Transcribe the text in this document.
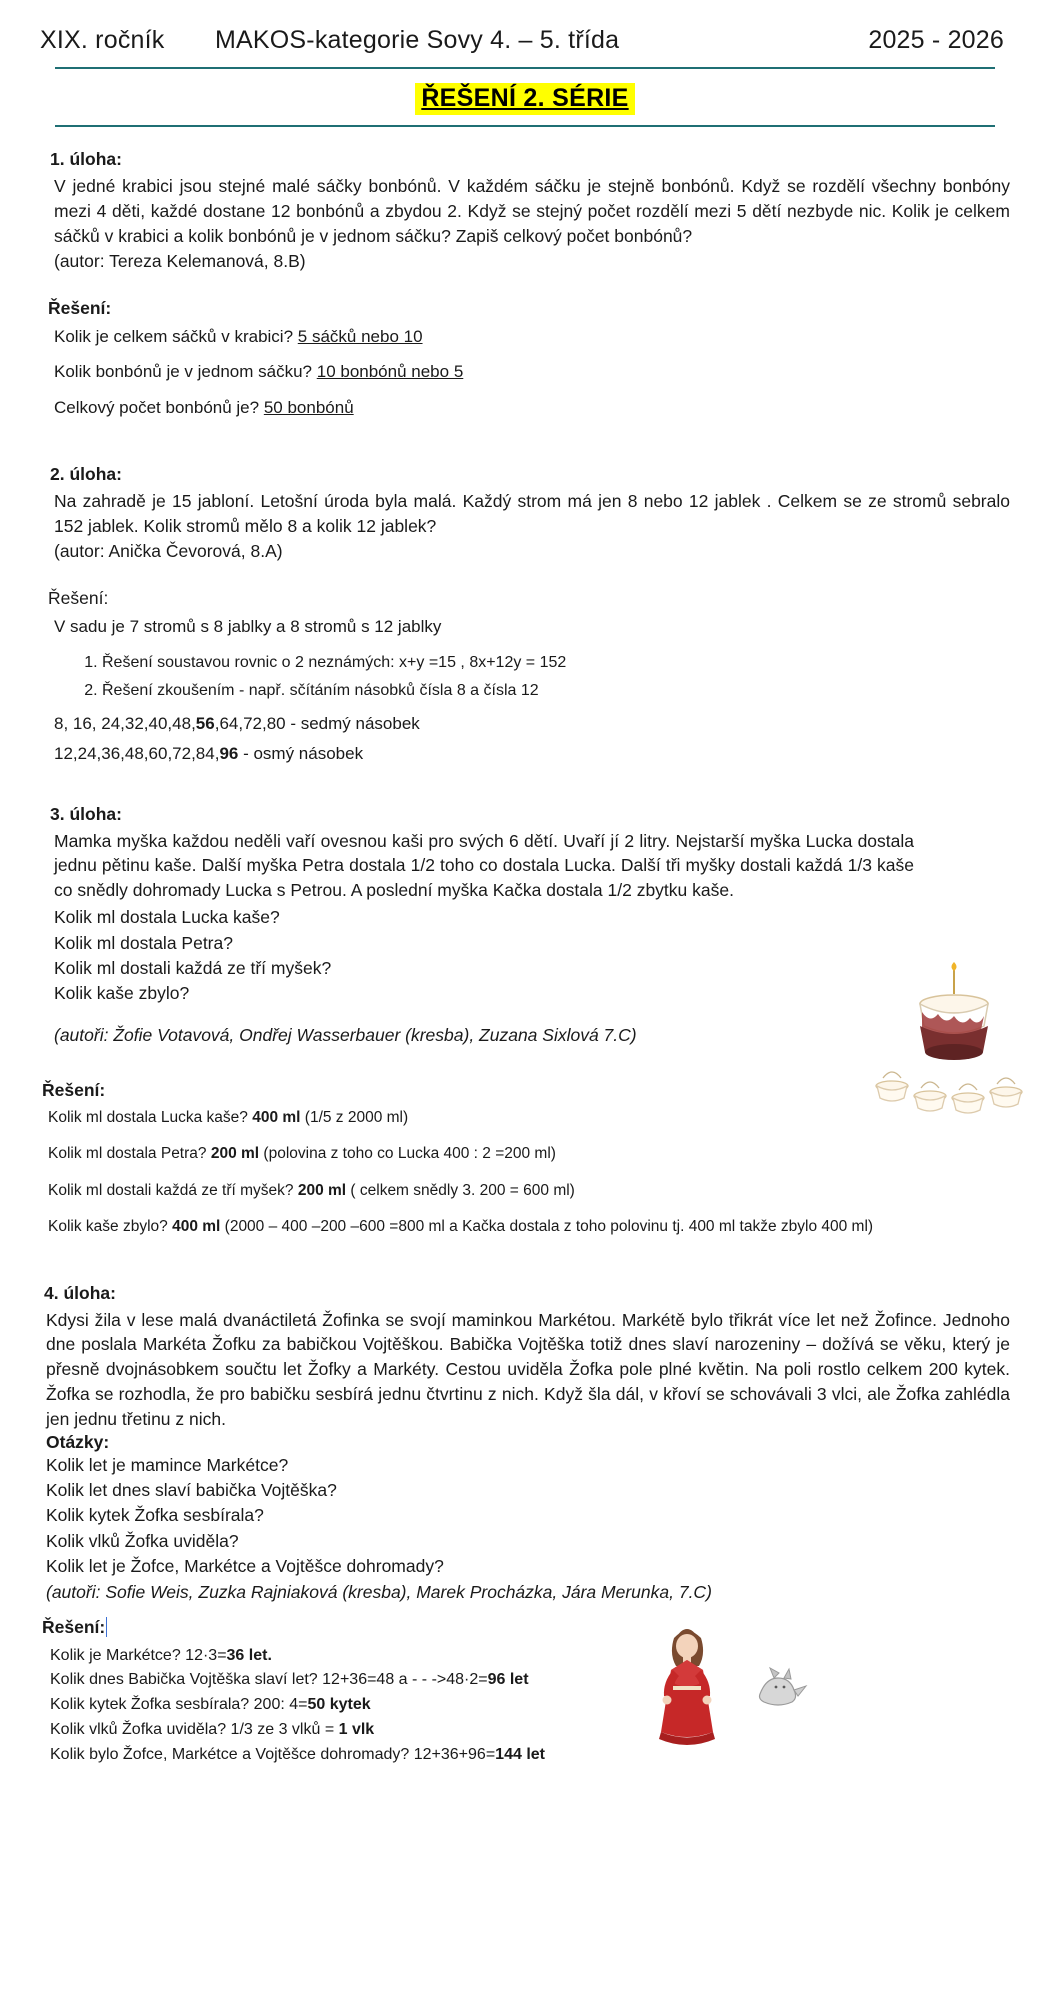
XIX. ročník	MAKOS-kategorie Sovy 4. – 5. třída	2025 - 2026
ŘEŠENÍ 2. SÉRIE
1. úloha:

V jedné krabici jsou stejné malé sáčky bonbónů. V každém sáčku je stejně bonbónů. Když se rozdělí všechny bonbóny mezi 4 děti, každé dostane 12 bonbónů a zbydou 2. Když se stejný počet rozdělí mezi 5 dětí nezbyde nic. Kolik je celkem sáčků v krabici a kolik bonbónů je v jednom sáčku? Zapiš celkový počet bonbónů?

(autor: Tereza Kelemanová, 8.B)
Řešení:
Kolik je celkem sáčků v krabici? 5 sáčků nebo 10
Kolik bonbónů je v jednom sáčku? 10 bonbónů nebo 5
Celkový počet bonbónů je? 50 bonbónů
2. úloha:

Na zahradě je 15 jabloní. Letošní úroda byla malá. Každý strom má jen 8 nebo 12 jablek . Celkem se ze stromů sebralo 152 jablek. Kolik stromů mělo 8 a kolik 12 jablek?

(autor: Anička Čevorová, 8.A)
Řešení:
V sadu je 7 stromů s 8 jablky a 8 stromů s 12 jablky
1. Řešení soustavou rovnic o 2 neznámých: x+y =15 , 8x+12y = 152
2. Řešení zkoušením - např. sčítáním násobků čísla 8 a čísla 12
8, 16, 24,32,40,48,56,64,72,80 - sedmý násobek
12,24,36,48,60,72,84,96 - osmý násobek
3. úloha:

Mamka myška každou neděli vaří ovesnou kaši pro svých 6 dětí. Uvaří jí 2 litry. Nejstarší myška Lucka dostala jednu pětinu kaše. Další myška Petra dostala 1/2 toho co dostala Lucka. Další tři myšky dostali každá 1/3 kaše co snědly dohromady Lucka s Petrou. A poslední myška Kačka dostala 1/2 zbytku kaše.

Kolik ml dostala Lucka kaše?
Kolik ml dostala Petra?
Kolik ml dostali každá ze tří myšek?
Kolik kaše zbylo?
(autoři: Žofie Votavová, Ondřej Wasserbauer (kresba), Zuzana Sixlová 7.C)
Řešení:
Kolik ml dostala Lucka kaše? 400 ml (1/5 z 2000 ml)
Kolik ml dostala Petra? 200 ml (polovina z toho co Lucka 400 : 2 =200 ml)
Kolik ml dostali každá ze tří myšek? 200 ml ( celkem snědly 3. 200 = 600 ml)
Kolik kaše zbylo? 400 ml (2000 – 400 –200 –600 =800 ml a Kačka dostala z toho polovinu tj. 400 ml takže zbylo 400 ml)
4. úloha:

Kdysi žila v lese malá dvanáctiletá Žofinka se svojí maminkou Markétou. Markétě bylo třikrát více let než Žofince. Jednoho dne poslala Markéta Žofku za babičkou Vojtěškou. Babička Vojtěška totiž dnes slaví narozeniny – dožívá se věku, který je přesně dvojnásobkem součtu let Žofky a Markéty. Cestou uviděla Žofka pole plné květin. Na poli rostlo celkem 200 kytek. Žofka se rozhodla, že pro babičku sesbírá jednu čtvrtinu z nich. Když šla dál, v křoví se schovávali 3 vlci, ale Žofka zahlédla jen jednu třetinu z nich.

Otázky:
Kolik let je mamince Markétce?
Kolik let dnes slaví babička Vojtěška?
Kolik kytek Žofka sesbírala?
Kolik vlků Žofka uviděla?
Kolik let je Žofce, Markétce a Vojtěšce dohromady?
(autoři: Sofie Weis, Zuzka Rajniaková (kresba), Marek Procházka, Jára Merunka, 7.C)
Řešení:
Kolik je Markétce? 12·3=36 let.
Kolik dnes Babička Vojtěška slaví let? 12+36=48 a - - ->48·2=96 let
Kolik kytek Žofka sesbírala? 200: 4=50 kytek
Kolik vlků Žofka uviděla? 1/3 ze 3 vlků = 1 vlk
Kolik bylo Žofce, Markétce a Vojtěšce dohromady? 12+36+96=144 let
